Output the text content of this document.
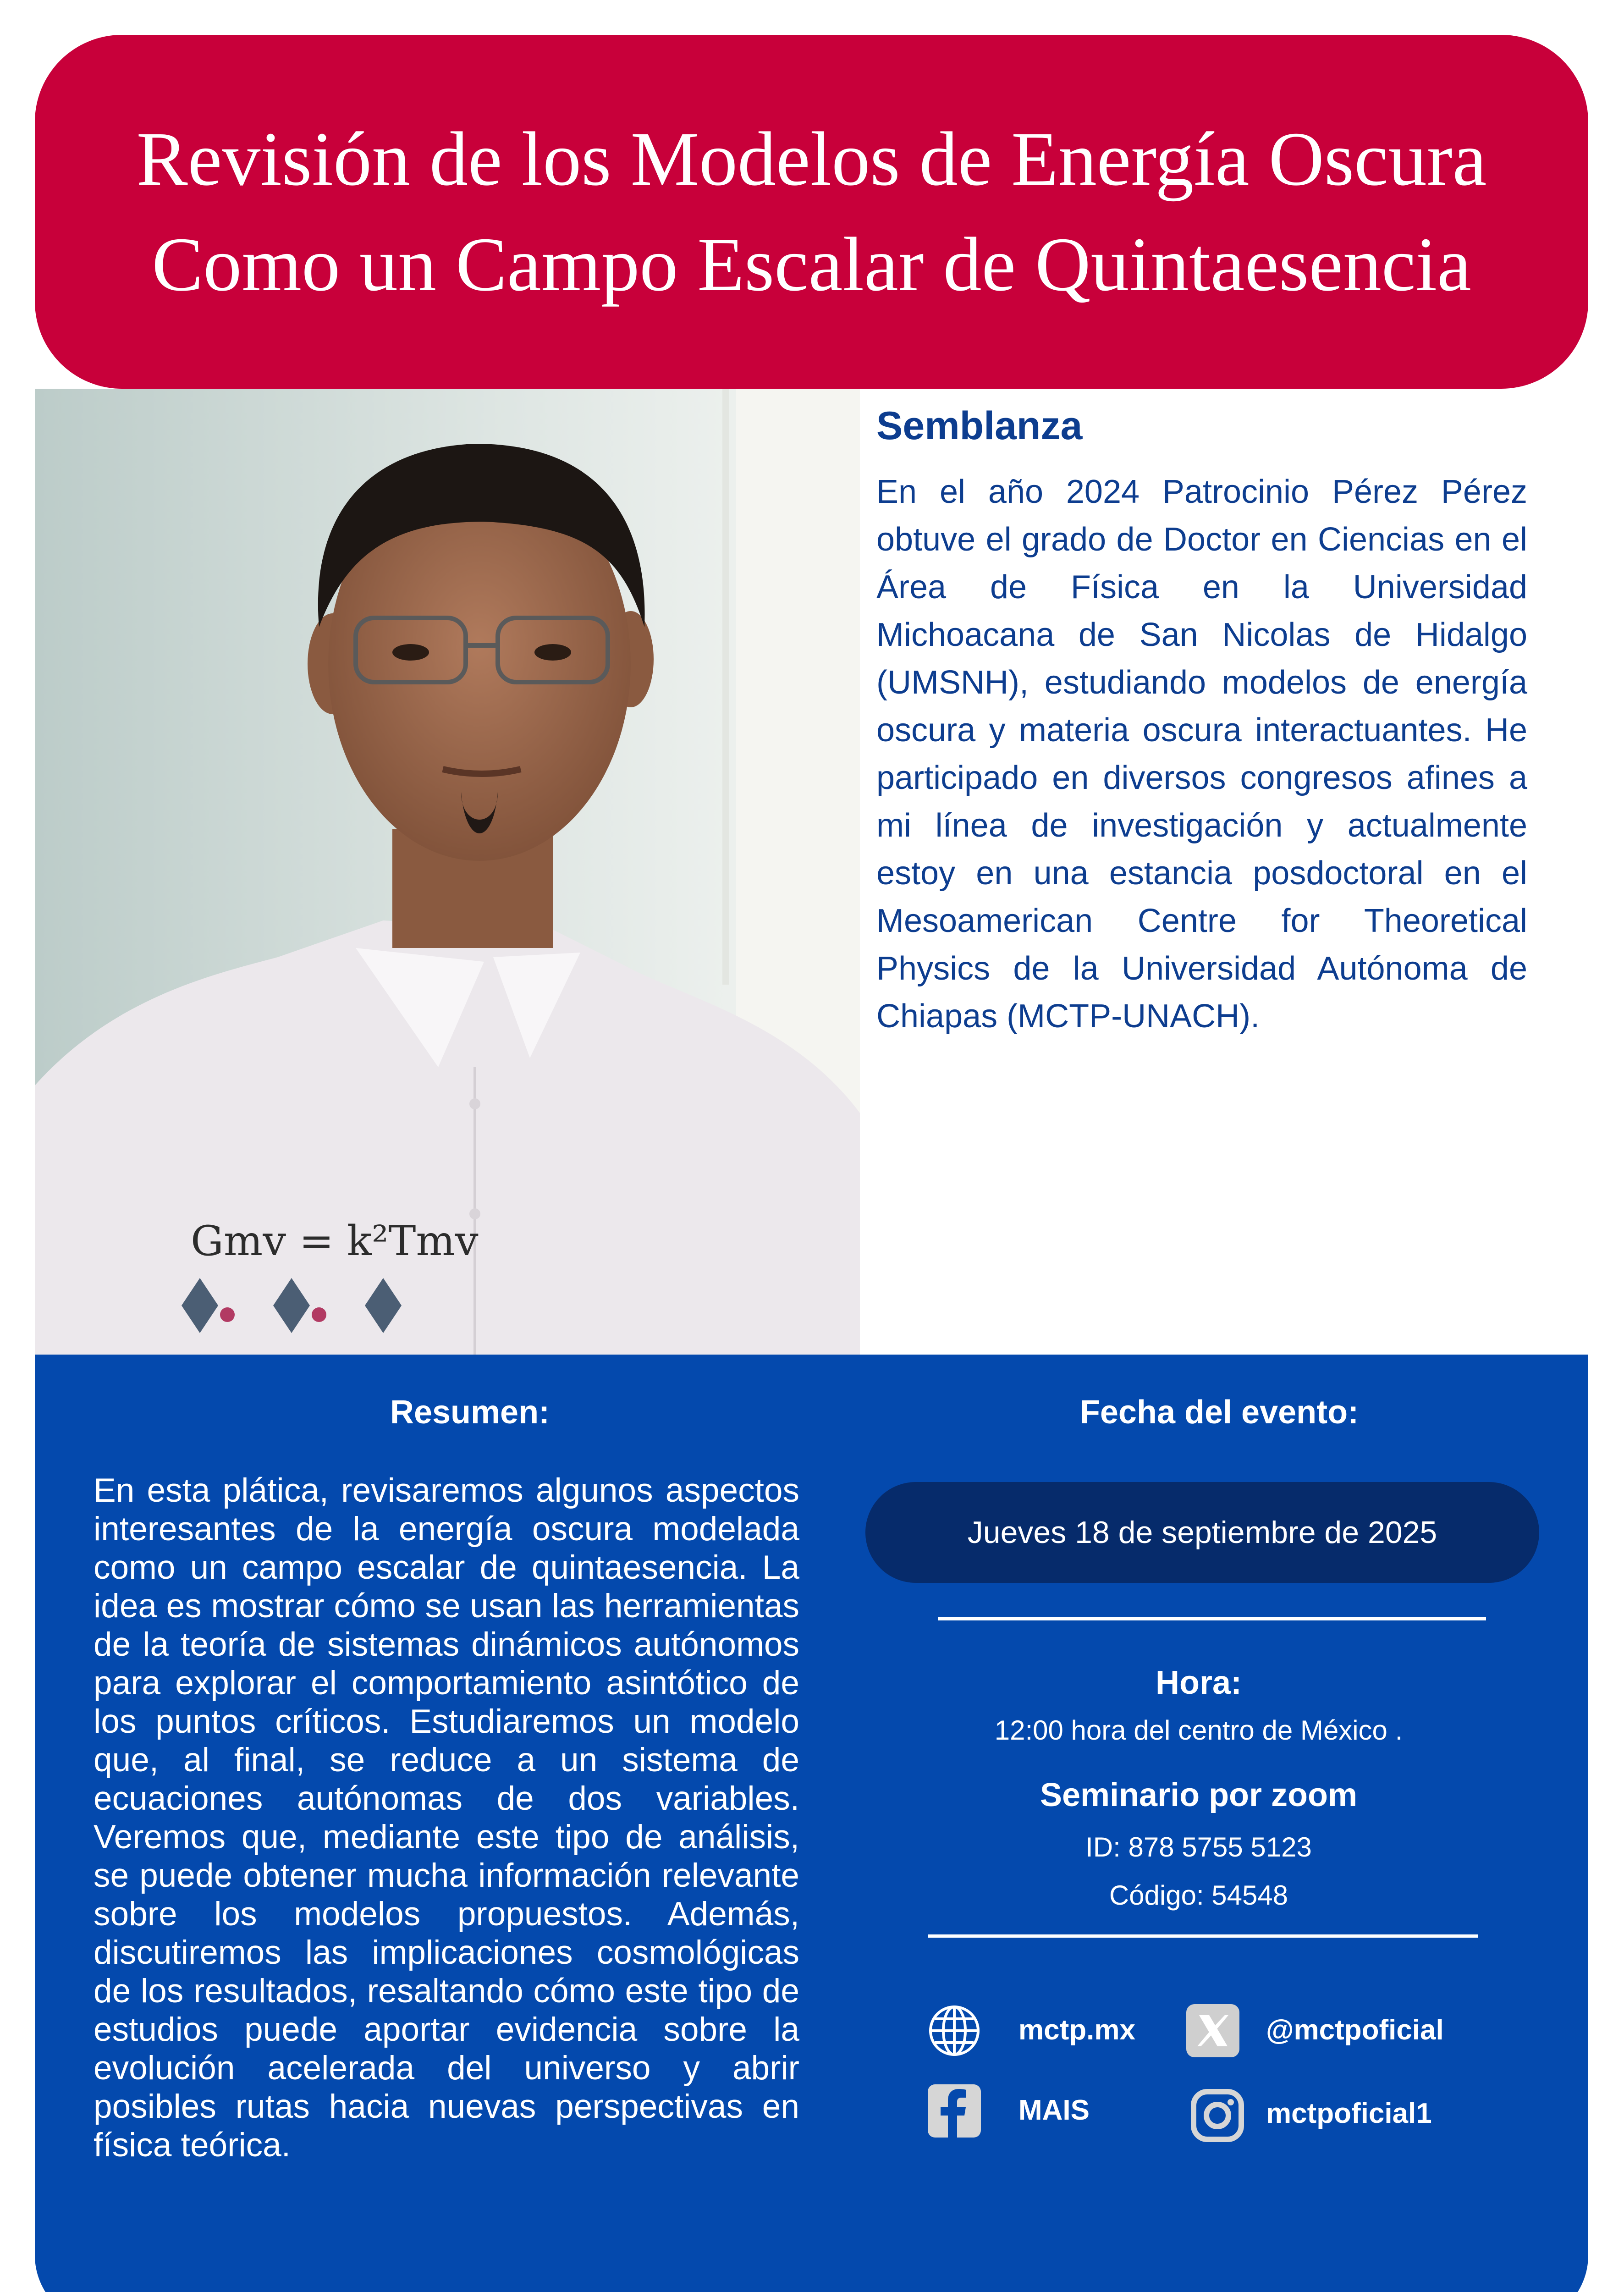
Revisión de los Modelos de Energía Oscura
Como un Campo Escalar de Quintaesencia
Gmv = k²Tmv
Semblanza

En el año 2024 Patrocinio Pérez Pérez obtuve el grado de Doctor en Ciencias en el Área de Física en la Universidad Michoacana de San Nicolas de Hidalgo (UMSNH), estudiando modelos de energía oscura y materia oscura interactuantes. He participado en diversos congresos afines a mi línea de investigación y actualmente estoy en una estancia posdoctoral en el Mesoamerican Centre for Theoretical Physics de la Universidad Autónoma de Chiapas (MCTP-UNACH).

Resumen:

En esta plática, revisaremos algunos aspectos interesantes de la energía oscura modelada como un campo escalar de quintaesencia. La idea es mostrar cómo se usan las herramientas de la teoría de sistemas dinámicos autónomos para explorar el comportamiento asintótico de los puntos críticos. Estudiaremos un modelo que, al final, se reduce a un sistema de ecuaciones autónomas de dos variables. Veremos que, mediante este tipo de análisis, se puede obtener mucha información relevante sobre los modelos propuestos. Además, discutiremos las implicaciones cosmológicas de los resultados, resaltando cómo este tipo de estudios puede aportar evidencia sobre la evolución acelerada del universo y abrir posibles rutas hacia nuevas perspectivas en física teórica.

Fecha del evento:
Jueves 18 de septiembre de 2025
Hora:
12:00 hora del centro de México .
Seminario por zoom
ID: 878 5755 5123
Código: 54548
mctp.mx	@mctpoficial
MAIS	mctpoficial1
